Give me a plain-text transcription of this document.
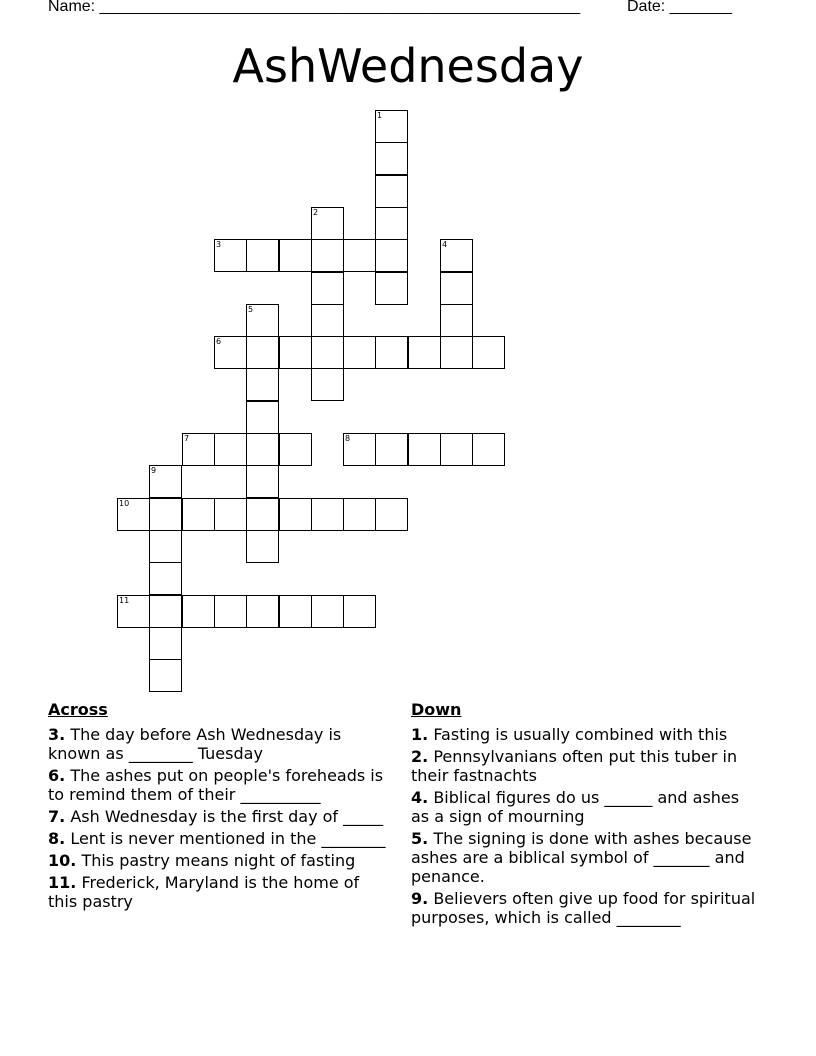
Name: ______________________________________________________	Date: _______
AshWednesday
1
2
3	4
5
6
7	8
9
10
11
Across
3. The day before Ash Wednesday is known as ________ Tuesday
6. The ashes put on people's foreheads is to remind them of their __________
7. Ash Wednesday is the first day of _____
8. Lent is never mentioned in the ________
10. This pastry means night of fasting
11. Frederick, Maryland is the home of this pastry
Down
1. Fasting is usually combined with this
2. Pennsylvanians often put this tuber in their fastnachts
4. Biblical figures do us ______ and ashes as a sign of mourning
5. The signing is done with ashes because ashes are a biblical symbol of _______ and penance.
9. Believers often give up food for spiritual purposes, which is called ________
